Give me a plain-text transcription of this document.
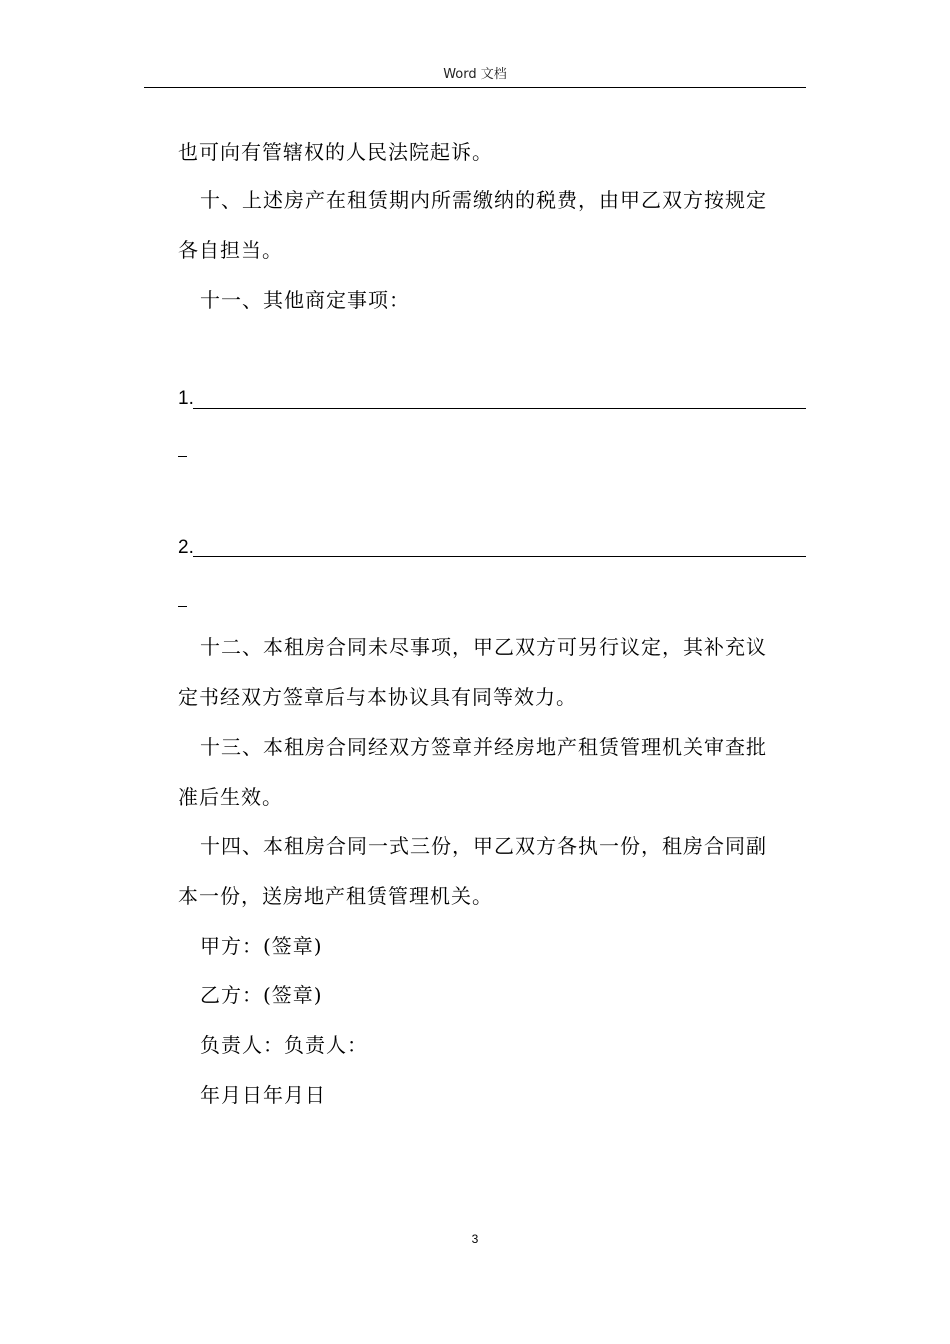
Word 文档
也可向有管辖权的人民法院起诉。
十、上述房产在租赁期内所需缴纳的税费，由甲乙双方按规定
各自担当。
十一、其他商定事项：
1.
2.
十二、本租房合同未尽事项，甲乙双方可另行议定，其补充议
定书经双方签章后与本协议具有同等效力。
十三、本租房合同经双方签章并经房地产租赁管理机关审查批
准后生效。
十四、本租房合同一式三份，甲乙双方各执一份，租房合同副
本一份，送房地产租赁管理机关。
甲方：(签章)
乙方：(签章)
负责人：负责人：
年月日年月日
3
